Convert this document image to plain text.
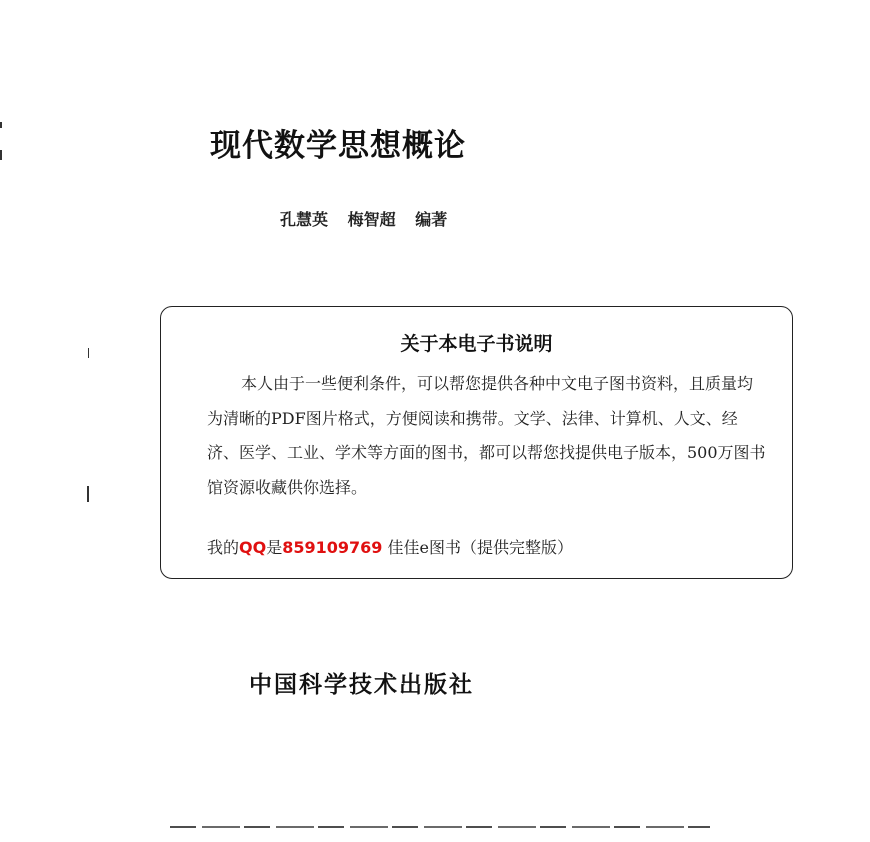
现代数学思想概论
孔慧英 梅智超 编著
关于本电子书说明
本人由于一些便利条件，可以帮您提供各种中文电子图书资料，且质量均为清晰的PDF图片格式，方便阅读和携带。文学、法律、计算机、人文、经济、医学、工业、学术等方面的图书，都可以帮您找提供电子版本，500万图书馆资源收藏供你选择。
我的QQ是859109769 佳佳e图书（提供完整版）
中国科学技术出版社
